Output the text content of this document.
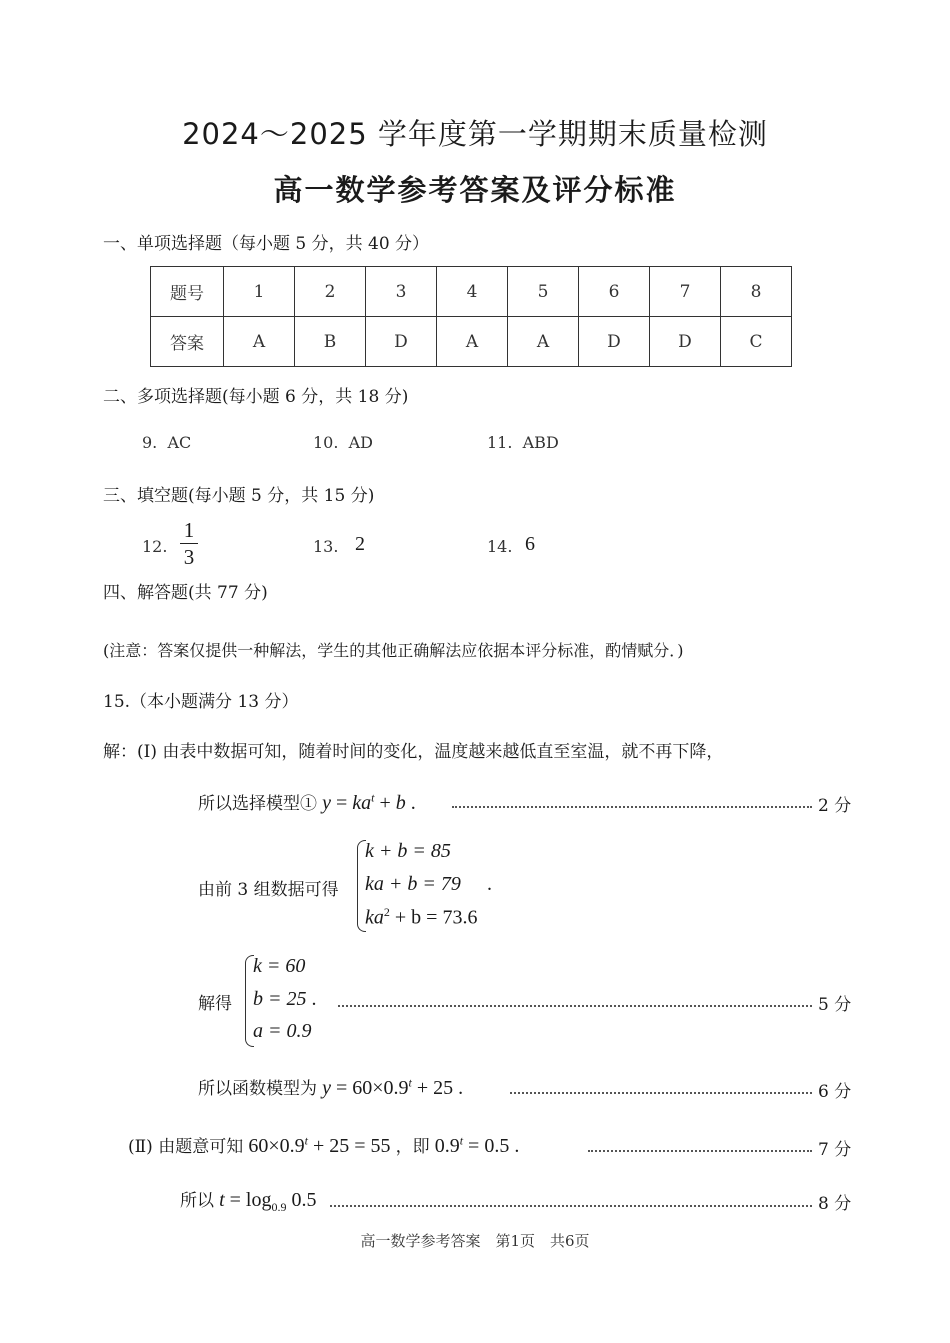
2024～2025 学年度第一学期期末质量检测
高一数学参考答案及评分标准
一、单项选择题（每小题 5 分，共 40 分）
题号	1	2	3	4	5	6	7	8
答案	A	B	D	A	A	D	D	C
二、多项选择题(每小题 6 分，共 18 分)
9. AC	10. AD	11. ABD
三、填空题(每小题 5 分，共 15 分)
12.
1
3	13. 2	14. 6
四、解答题(共 77 分)
(注意：答案仅提供一种解法，学生的其他正确解法应依据本评分标准，酌情赋分．)
15.（本小题满分 13 分）
解：(Ⅰ) 由表中数据可知，随着时间的变化，温度越来越低直至室温，就不再下降，
所以选择模型① $y = ka^t + b$ .	2 分
由前 3 组数据可得
k + b = 85
ka + b = 79
$ka^2 + b = 73.6$
.
解得
k = 60
b = 25 .
a = 0.9
5 分
所以函数模型为 $y = 60\times 0.9^t + 25$ .	6 分
(Ⅱ) 由题意可知 $60\times 0.9^t + 25 = 55$ ，即 $0.9^t = 0.5$ .	7 分
所以 $t = \log_{0.9} 0.5$	8 分
高一数学参考答案　第1页　共6页
